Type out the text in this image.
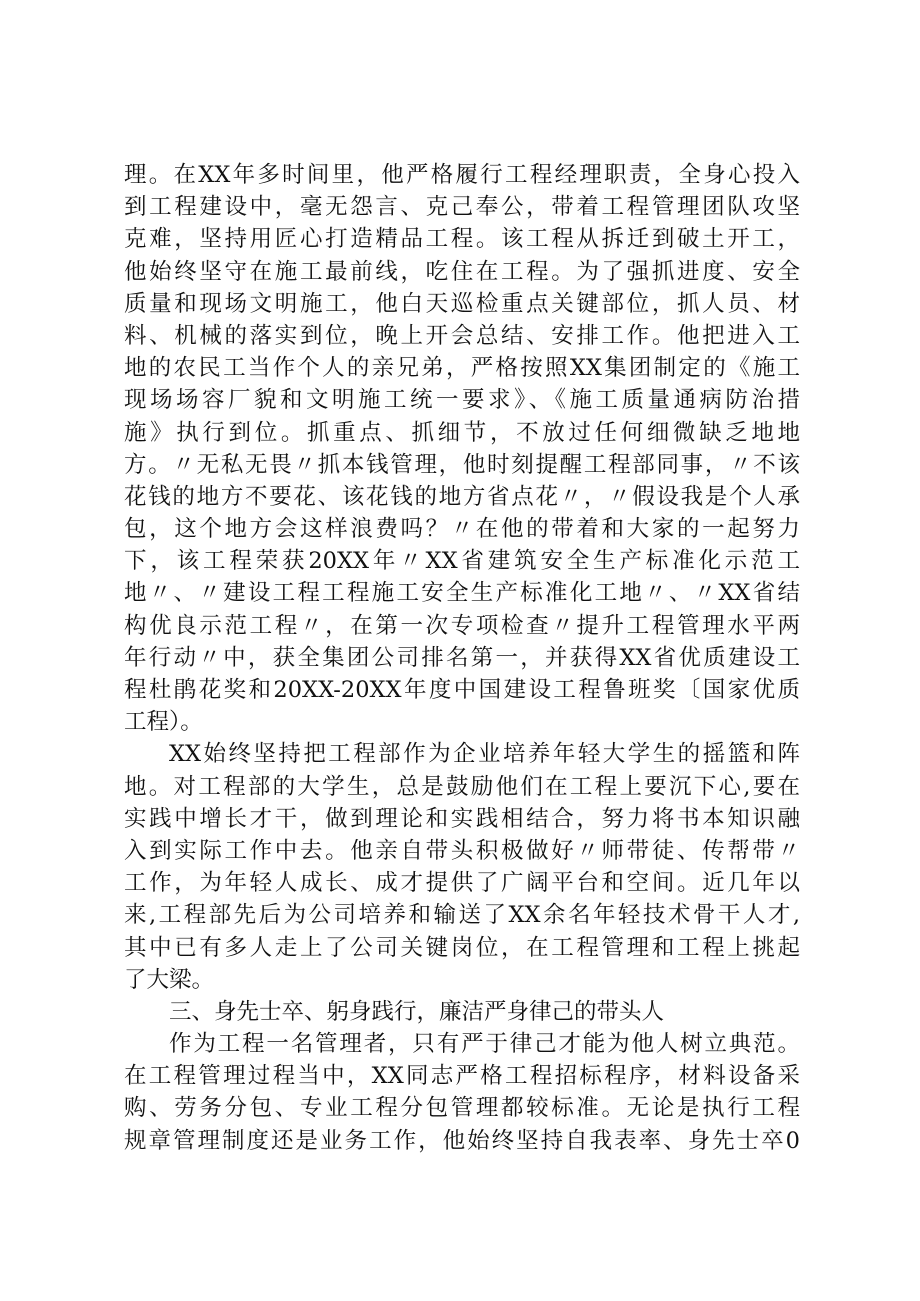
理。在XX年多时间里，他严格履行工程经理职责，全身心投入
到工程建设中，毫无怨言、克己奉公，带着工程管理团队攻坚
克难，坚持用匠心打造精品工程。该工程从拆迁到破土开工，
他始终坚守在施工最前线，吃住在工程。为了强抓进度、安全
质量和现场文明施工，他白天巡检重点关键部位，抓人员、材
料、机械的落实到位，晚上开会总结、安排工作。他把进入工
地的农民工当作个人的亲兄弟，严格按照XX集团制定的《施工
现场场容厂貌和文明施工统一要求》、《施工质量通病防治措
施》执行到位。抓重点、抓细节，不放过任何细微缺乏地地
方。〃无私无畏〃抓本钱管理，他时刻提醒工程部同事，〃不该
花钱的地方不要花、该花钱的地方省点花〃，〃假设我是个人承
包，这个地方会这样浪费吗？〃在他的带着和大家的一起努力
下，该工程荣获20XX年〃XX省建筑安全生产标准化示范工
地〃、〃建设工程工程施工安全生产标准化工地〃、〃XX省结
构优良示范工程〃，在第一次专项检查〃提升工程管理水平两
年行动〃中，获全集团公司排名第一，并获得XX省优质建设工
程杜鹃花奖和20XX-20XX年度中国建设工程鲁班奖〔国家优质
工程）。
XX始终坚持把工程部作为企业培养年轻大学生的摇篮和阵
地。对工程部的大学生，总是鼓励他们在工程上要沉下心,要在
实践中增长才干，做到理论和实践相结合，努力将书本知识融
入到实际工作中去。他亲自带头积极做好〃师带徒、传帮带〃
工作，为年轻人成长、成才提供了广阔平台和空间。近几年以
来,工程部先后为公司培养和输送了XX余名年轻技术骨干人才,
其中已有多人走上了公司关键岗位，在工程管理和工程上挑起
了大梁。
三、身先士卒、躬身践行，廉洁严身律己的带头人
作为工程一名管理者，只有严于律己才能为他人树立典范。
在工程管理过程当中，XX同志严格工程招标程序，材料设备采
购、劳务分包、专业工程分包管理都较标准。无论是执行工程
规章管理制度还是业务工作，他始终坚持自我表率、身先士卒0
